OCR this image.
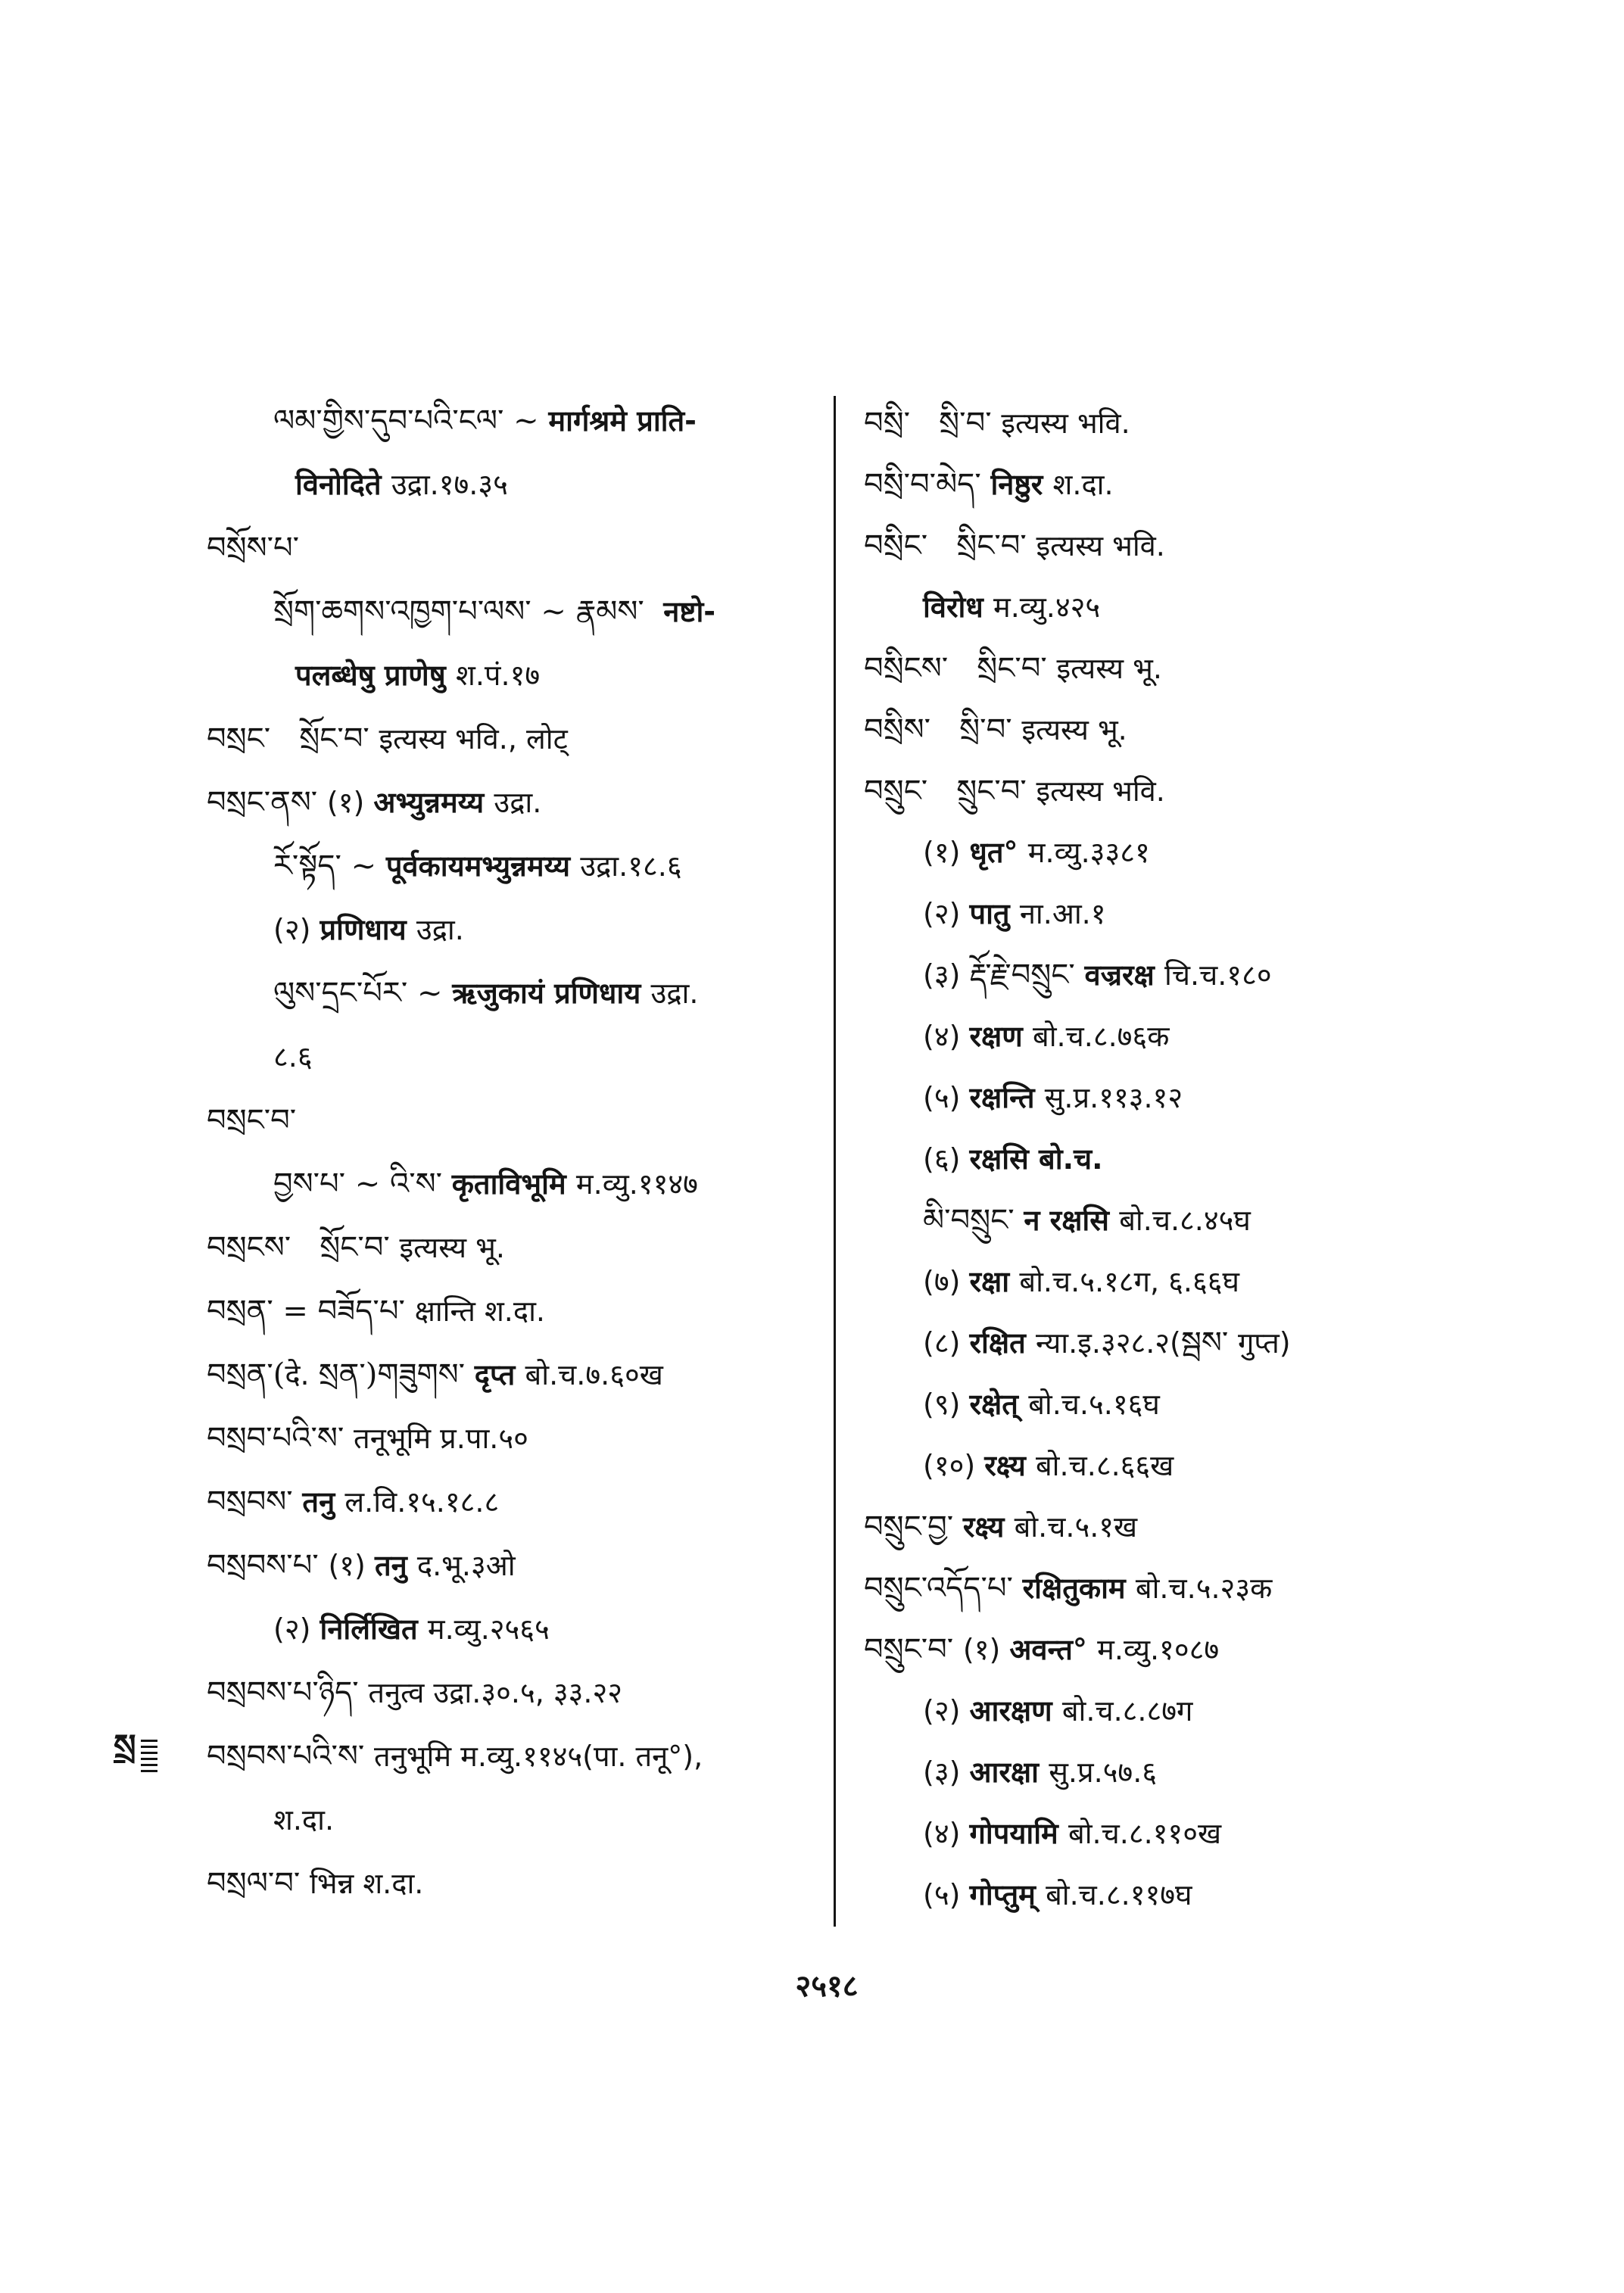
ལམ་གྱིས་དུབ་པའི་ངལ་ ~ मार्गश्रमे प्राति-
विनोदिते उद्रा.१७.३५
བསྲོས་པ་
སྲོག་ཆགས་འཁྱག་པ་ལས་ ~ རྣམས་  नष्टो-
पलब्धेषु प्राणेषु श.पं.१७
བསྲང་   སྲོང་བ་ इत्यस्य भवि., लोट्
བསྲང་ནས་ (१) अभ्युन्नमय्य उद्रा.
རོ་སྟོད་ ~ पूर्वकायमभ्युन्नमय्य उद्रा.१८.६
(२) प्रणिधाय उद्रा.
ལུས་དྲང་པོར་ ~ ऋजुकायं प्रणिधाय उद्रा.
८.६
བསྲང་བ་
བྱས་པ་ ~ འི་ས་ कृताविभूमि म.व्यु.११४७
བསྲངས་   སྲོང་བ་ इत्यस्य भू.
བསྲན་ = བཟོད་པ་ क्षान्ति श.दा.
བསྲན་(दे. སྲན་)གཟུགས་ दृप्त बो.च.७.६०ख
བསྲབ་པའི་ས་ तनूभूमि प्र.पा.५०
བསྲབས་ तनु ल.वि.१५.१८.८
བསྲབས་པ་ (१) तनु द.भू.३ओ
(२) निर्लिखित म.व्यु.२५६५
བསྲབས་པ་ཉིད་ तनुत्व उद्रा.३०.५, ३३.२२
བསྲབས་པའི་ས་ तनुभूमि म.व्यु.११४५(पा. तनू°),
श.दा.
བསྲལ་བ་ भिन्न श.दा.
བསྲི་   སྲི་བ་ इत्यस्य भवि.
བསྲི་བ་མེད་ निष्ठुर श.दा.
བསྲིང་   སྲིང་བ་ इत्यस्य भवि.
विरोध म.व्यु.४२५
བསྲིངས་   སྲིང་བ་ इत्यस्य भू.
བསྲིས་   སྲི་བ་ इत्यस्य भू.
བསྲུང་   སྲུང་བ་ इत्यस्य भवि.
(१) धृत° म.व्यु.३३८१
(२) पातु ना.आ.१
(३) རྡོ་རྗེ་བསྲུང་ वज्ररक्ष चि.च.१८०
(४) रक्षण बो.च.८.७६क
(५) रक्षन्ति सु.प्र.११३.१२
(६) रक्षसि बो.च.
མི་བསྲུང་ न रक्षसि बो.च.८.४५घ
(७) रक्षा बो.च.५.१८ग, ६.६६घ
(८) रक्षित न्या.इ.३२८.२(སྦས་ गुप्त)
(९) रक्षेत् बो.च.५.१६घ
(१०) रक्ष्य बो.च.८.६६ख
བསྲུང་བྱ་ रक्ष्य बो.च.५.१ख
བསྲུང་འདོད་པ་ रक्षितुकाम बो.च.५.२३क
བསྲུང་བ་ (१) अवन्त° म.व्यु.१०८७
(२) आरक्षण बो.च.८.८७ग
(३) आरक्षा सु.प्र.५७.६
(४) गोपयामि बो.च.८.११०ख
(५) गोप्तुम् बो.च.८.११७घ
སྲ
२५१८
